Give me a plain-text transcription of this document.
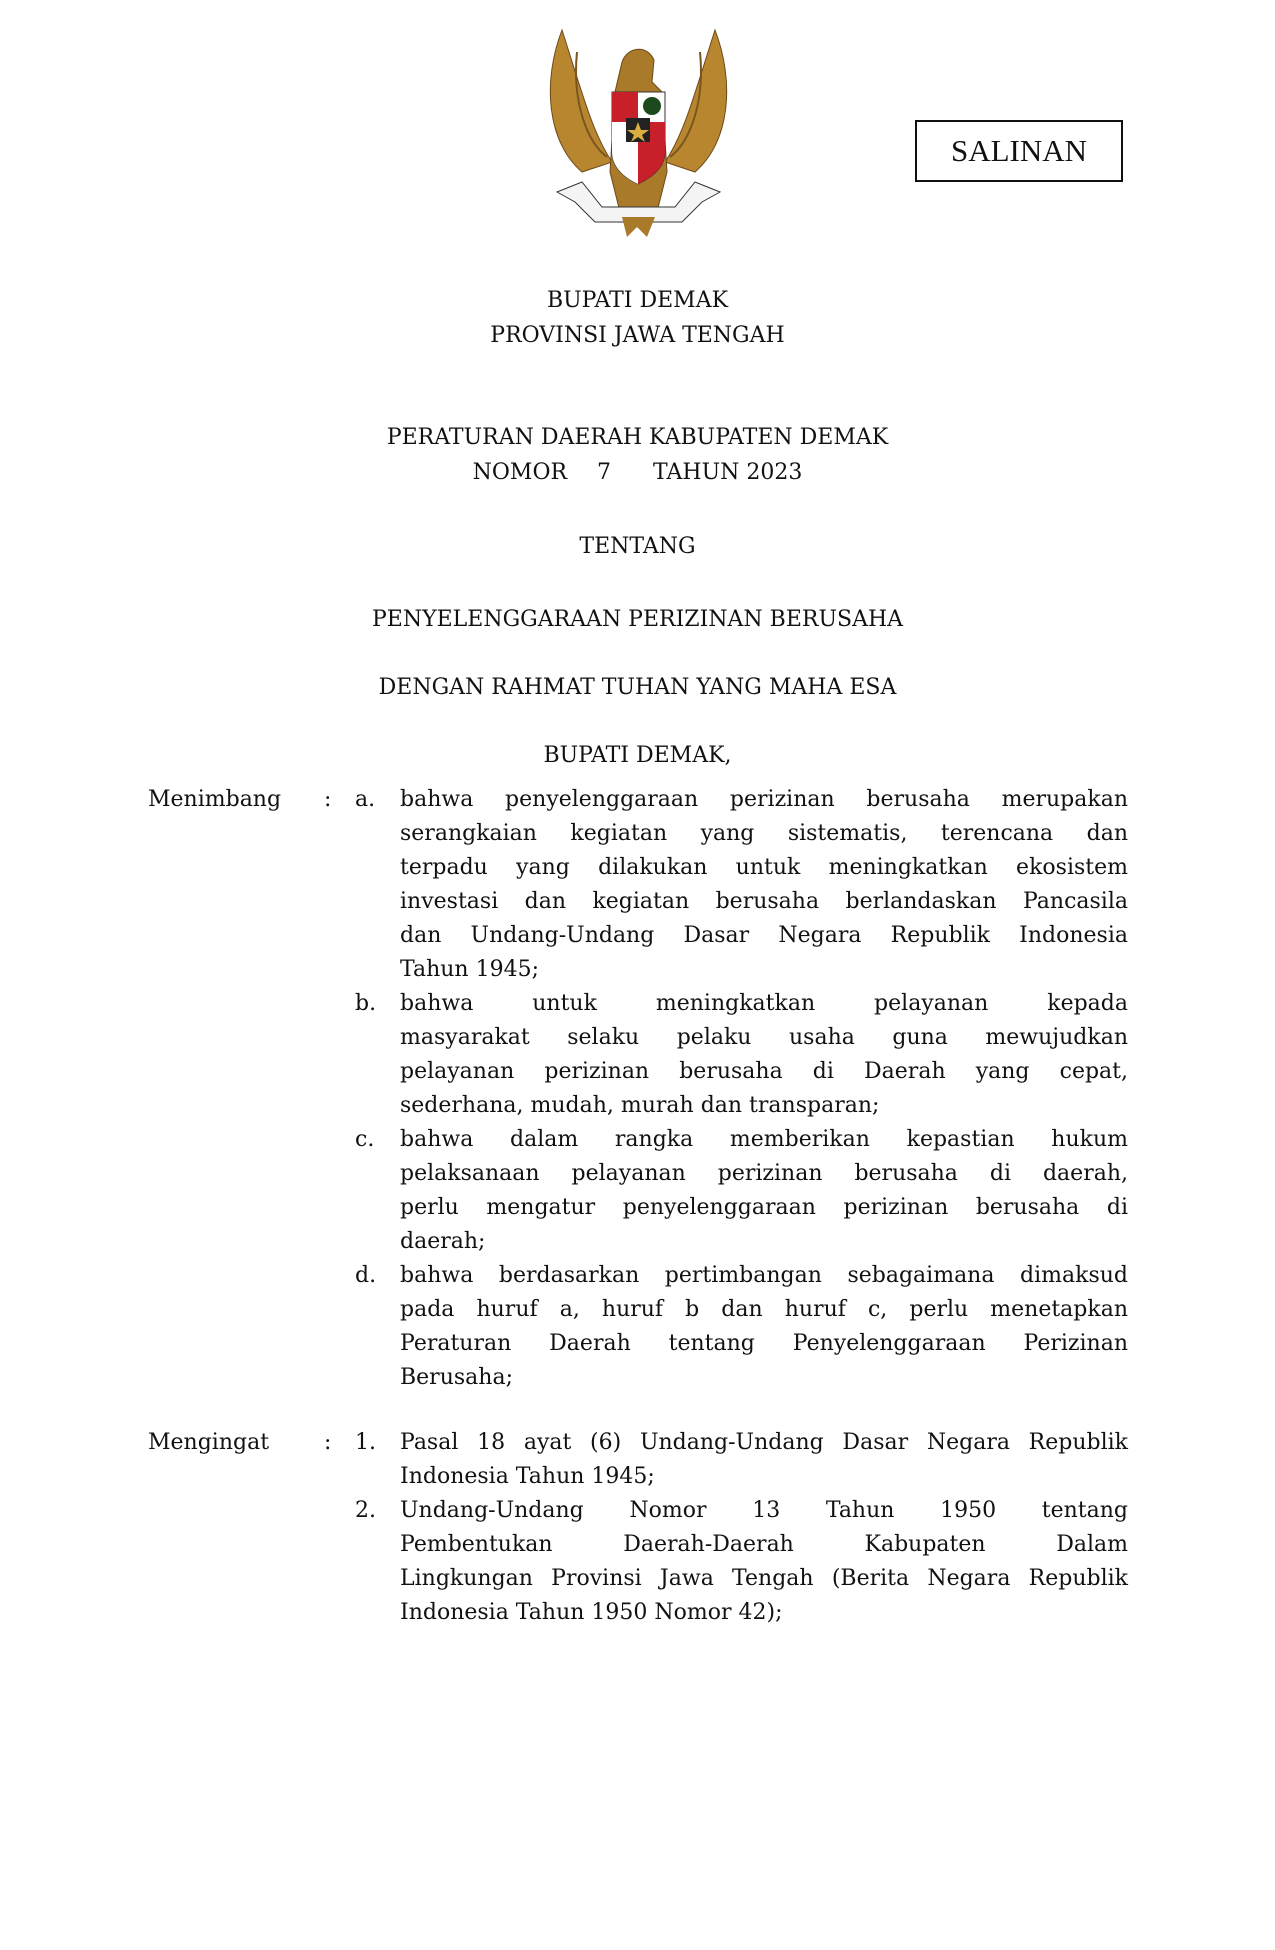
SALINAN
BUPATI DEMAK
PROVINSI JAWA TENGAH
PERATURAN DAERAH KABUPATEN DEMAK
NOMOR 7 TAHUN 2023
TENTANG
PENYELENGGARAAN PERIZINAN BERUSAHA
DENGAN RAHMAT TUHAN YANG MAHA ESA
BUPATI DEMAK,
Menimbang : a. bahwa penyelenggaraan perizinan berusaha merupakan
serangkaian kegiatan yang sistematis, terencana dan
terpadu yang dilakukan untuk meningkatkan ekosistem
investasi dan kegiatan berusaha berlandaskan Pancasila
dan Undang-Undang Dasar Negara Republik Indonesia
Tahun 1945;
b. bahwa untuk meningkatkan pelayanan kepada
masyarakat selaku pelaku usaha guna mewujudkan
pelayanan perizinan berusaha di Daerah yang cepat,
sederhana, mudah, murah dan transparan;
c. bahwa dalam rangka memberikan kepastian hukum
pelaksanaan pelayanan perizinan berusaha di daerah,
perlu mengatur penyelenggaraan perizinan berusaha di
daerah;
d. bahwa berdasarkan pertimbangan sebagaimana dimaksud
pada huruf a, huruf b dan huruf c, perlu menetapkan
Peraturan Daerah tentang Penyelenggaraan Perizinan
Berusaha;
Mengingat : 1. Pasal 18 ayat (6) Undang-Undang Dasar Negara Republik
Indonesia Tahun 1945;
2. Undang-Undang Nomor 13 Tahun 1950 tentang
Pembentukan Daerah-Daerah Kabupaten Dalam
Lingkungan Provinsi Jawa Tengah (Berita Negara Republik
Indonesia Tahun 1950 Nomor 42);
